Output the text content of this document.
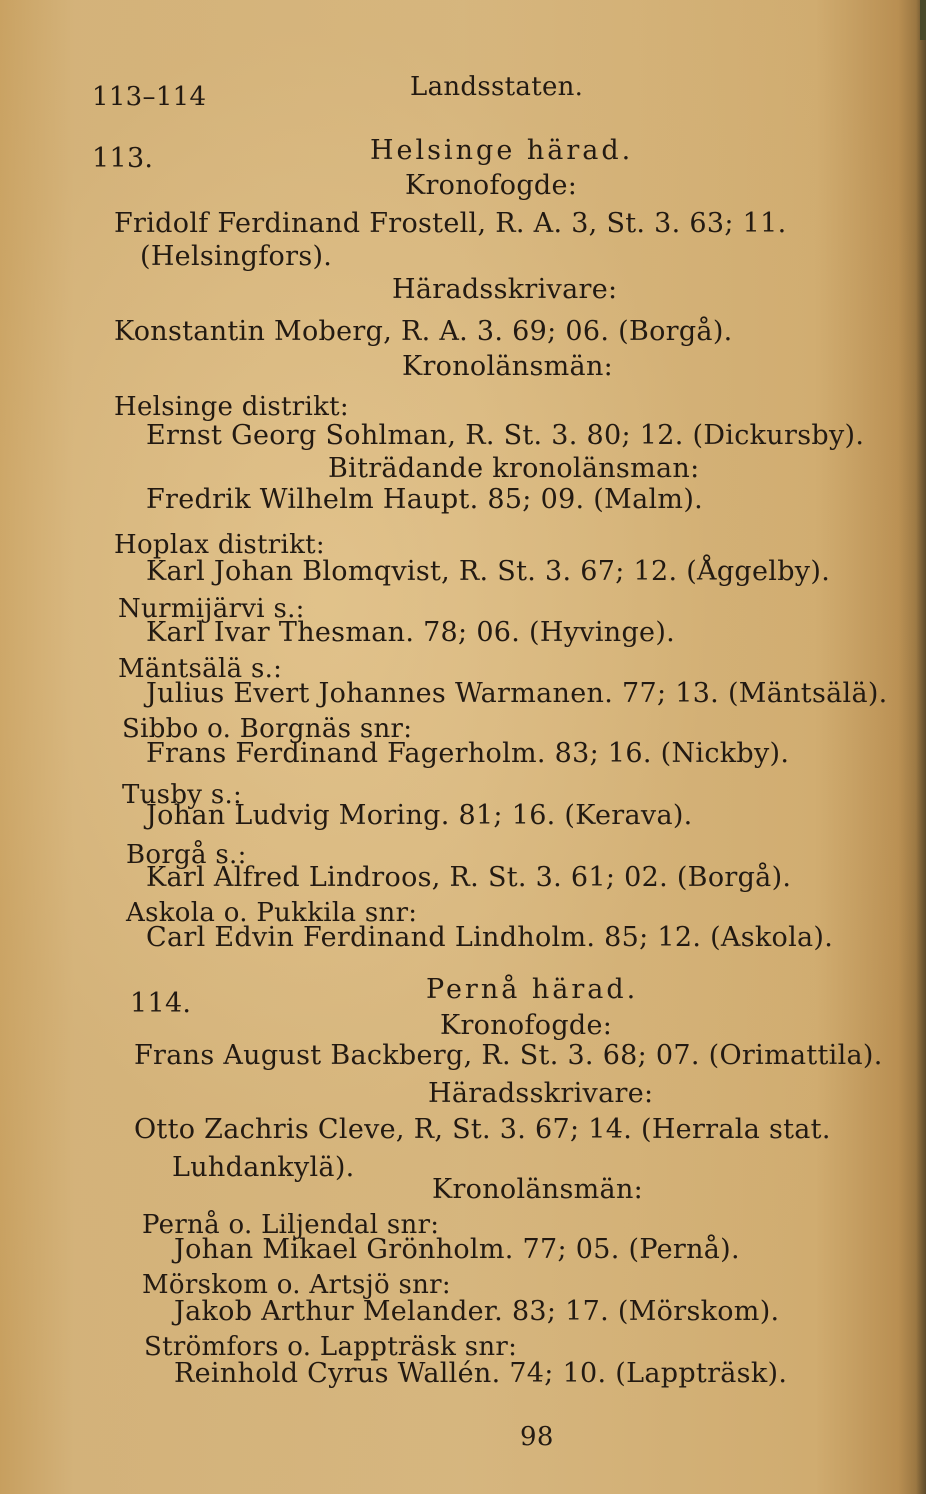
113–114	Landsstaten.
113.	Helsinge härad.
Kronofogde:
Fridolf Ferdinand Frostell, R. A. 3, St. 3. 63; 11.
(Helsingfors).
Häradsskrivare:
Konstantin Moberg, R. A. 3. 69; 06. (Borgå).
Kronolänsmän:
Helsinge distrikt:
Ernst Georg Sohlman, R. St. 3. 80; 12. (Dickursby).
Biträdande kronolänsman:
Fredrik Wilhelm Haupt. 85; 09. (Malm).
Hoplax distrikt:
Karl Johan Blomqvist, R. St. 3. 67; 12. (Åggelby).
Nurmijärvi s.:
Karl Ivar Thesman. 78; 06. (Hyvinge).
Mäntsälä s.:
Julius Evert Johannes Warmanen. 77; 13. (Mäntsälä).
Sibbo o. Borgnäs snr:
Frans Ferdinand Fagerholm. 83; 16. (Nickby).
Tusby s.:
Johan Ludvig Moring. 81; 16. (Kerava).
Borgå s.:
Karl Alfred Lindroos, R. St. 3. 61; 02. (Borgå).
Askola o. Pukkila snr:
Carl Edvin Ferdinand Lindholm. 85; 12. (Askola).
114.	Pernå härad.
Kronofogde:
Frans August Backberg, R. St. 3. 68; 07. (Orimattila).
Häradsskrivare:
Otto Zachris Cleve, R, St. 3. 67; 14. (Herrala stat.
Luhdankylä).
Kronolänsmän:
Pernå o. Liljendal snr:
Johan Mikael Grönholm. 77; 05. (Pernå).
Mörskom o. Artsjö snr:
Jakob Arthur Melander. 83; 17. (Mörskom).
Strömfors o. Lappträsk snr:
Reinhold Cyrus Wallén. 74; 10. (Lappträsk).
98
